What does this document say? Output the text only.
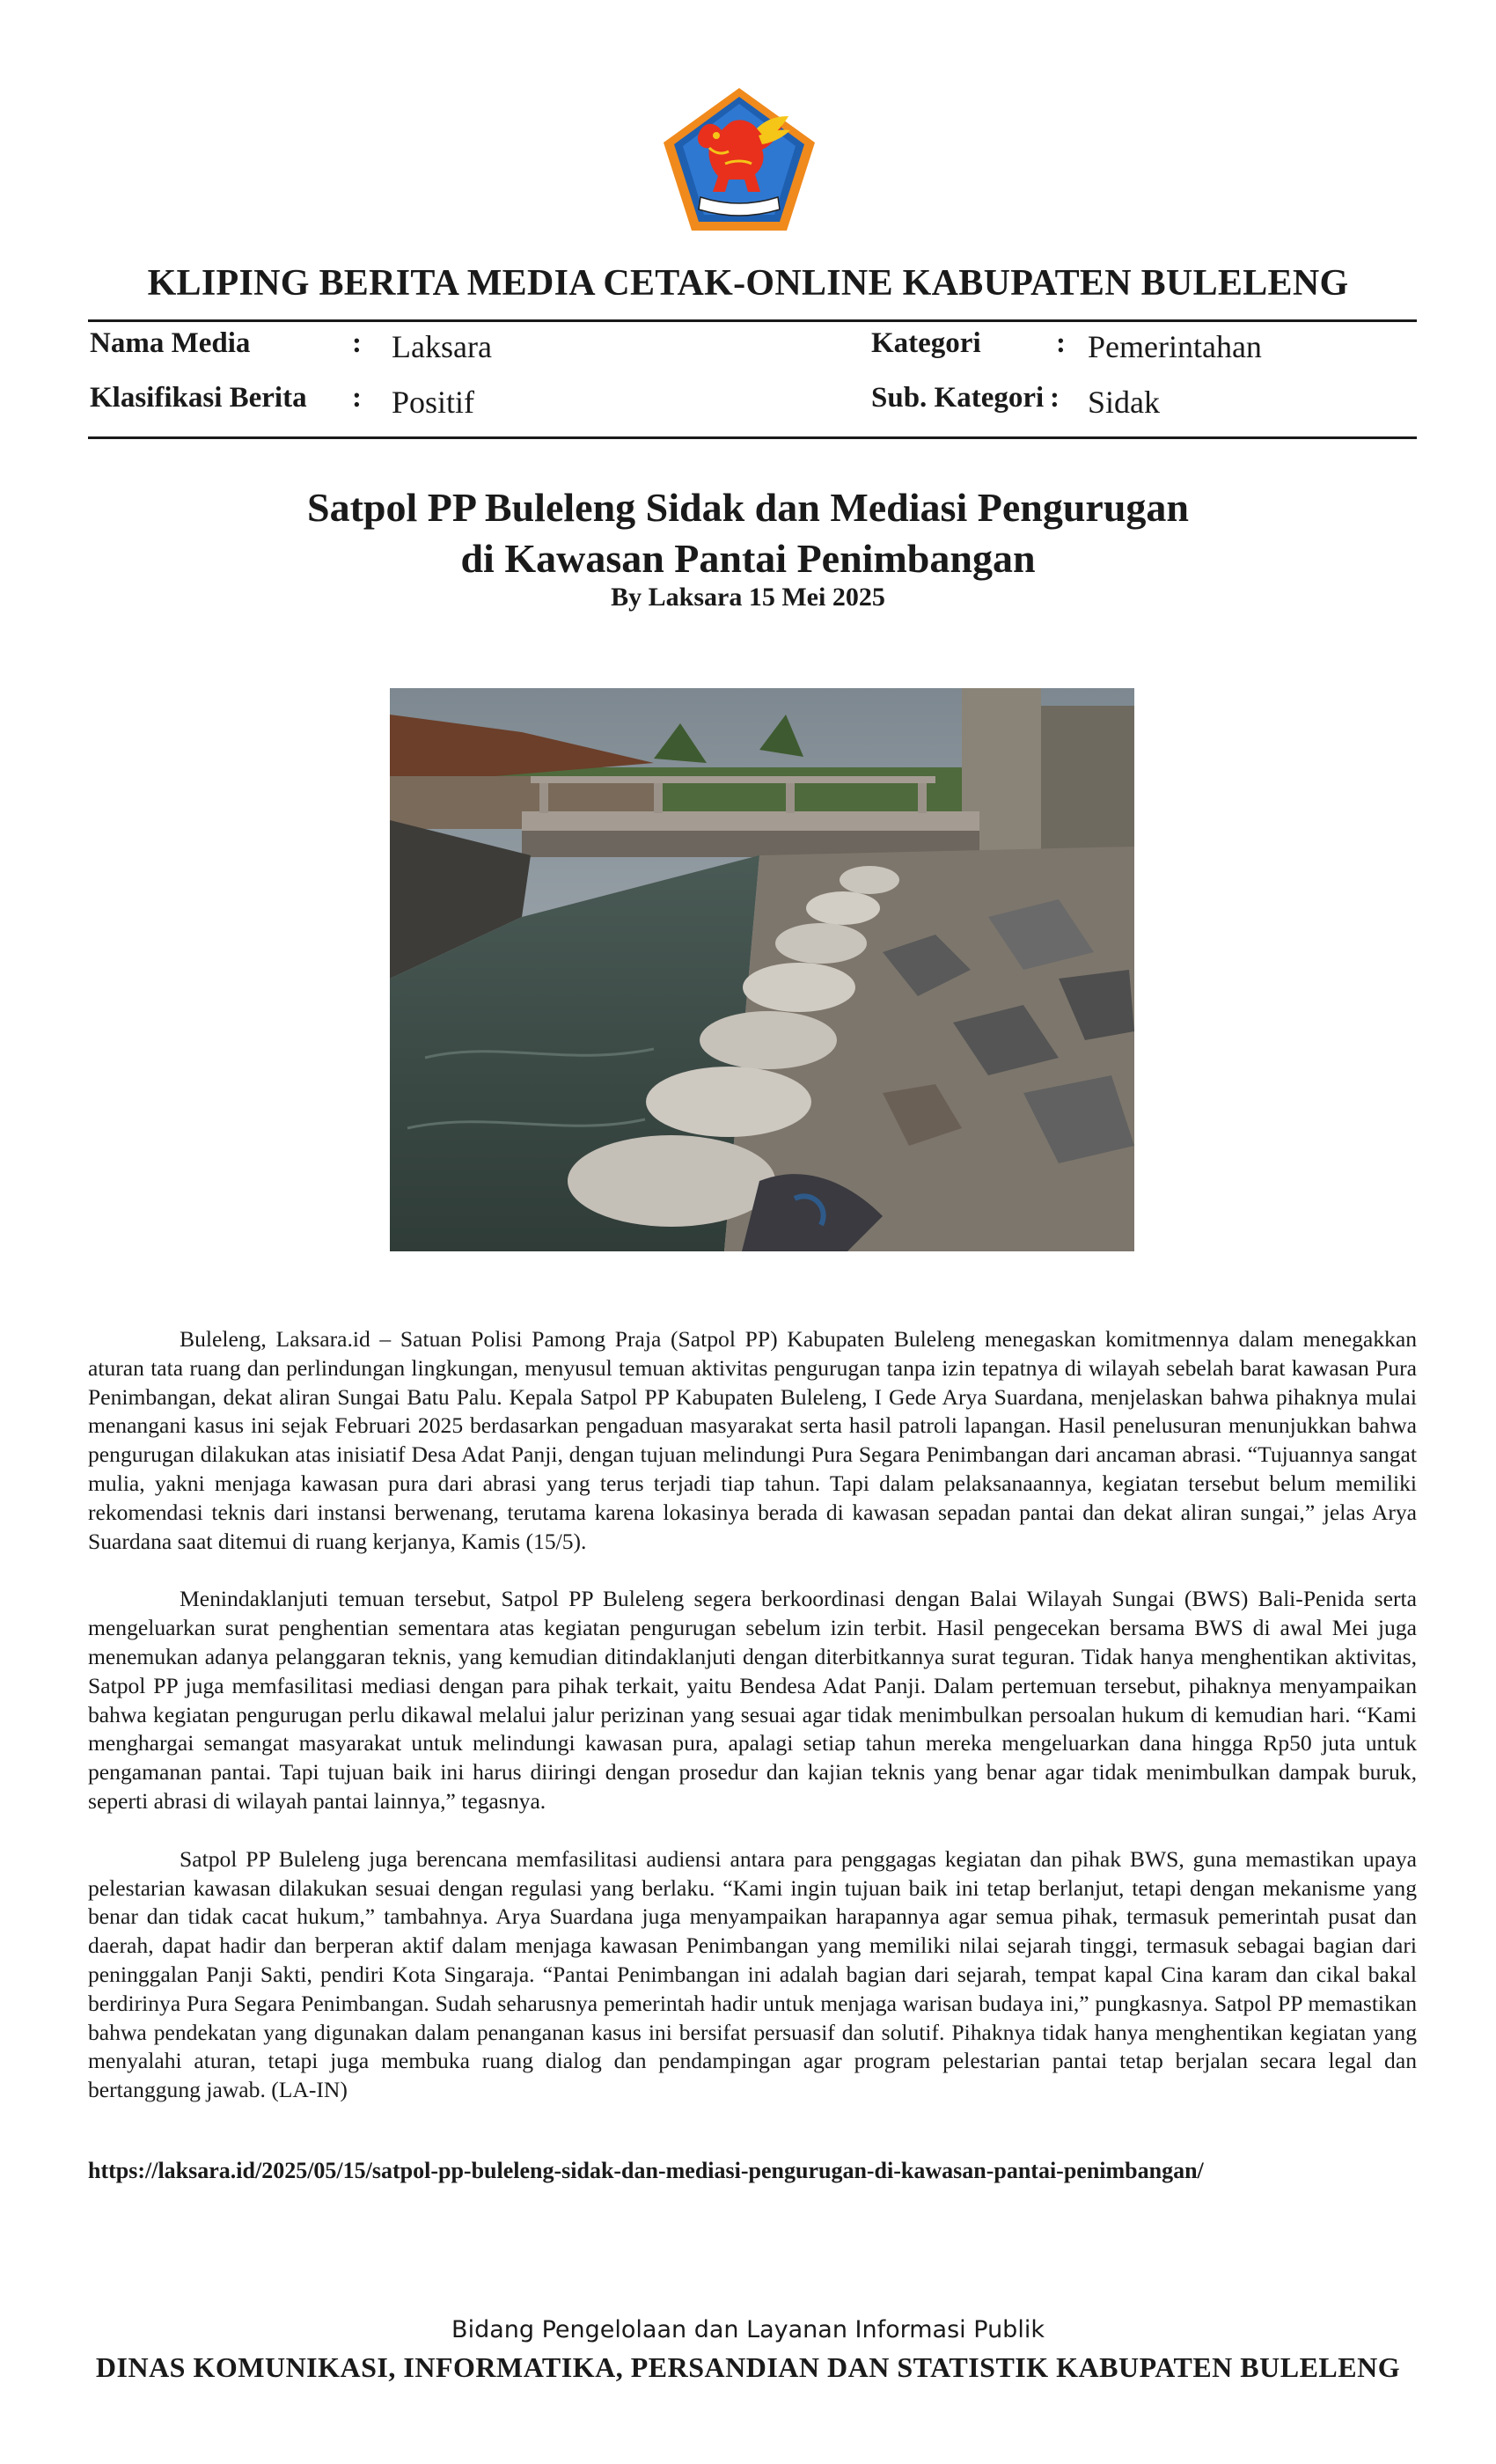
KLIPING BERITA MEDIA CETAK-ONLINE KABUPATEN BULELENG
Nama Media	: Laksara	Kategori	: Pemerintahan
Klasifikasi Berita : Positif	Sub. Kategori : Sidak
Satpol PP Buleleng Sidak dan Mediasi Pengurugan
di Kawasan Pantai Penimbangan
By Laksara 15 Mei 2025

Buleleng, Laksara.id – Satuan Polisi Pamong Praja (Satpol PP) Kabupaten Buleleng menegaskan komitmennya dalam menegakkan aturan tata ruang dan perlindungan lingkungan, menyusul temuan aktivitas pengurugan tanpa izin tepatnya di wilayah sebelah barat kawasan Pura Penimbangan, dekat aliran Sungai Batu Palu. Kepala Satpol PP Kabupaten Buleleng, I Gede Arya Suardana, menjelaskan bahwa pihaknya mulai menangani kasus ini sejak Februari 2025 berdasarkan pengaduan masyarakat serta hasil patroli lapangan. Hasil penelusuran menunjukkan bahwa pengurugan dilakukan atas inisiatif Desa Adat Panji, dengan tujuan melindungi Pura Segara Penimbangan dari ancaman abrasi. “Tujuannya sangat mulia, yakni menjaga kawasan pura dari abrasi yang terus terjadi tiap tahun. Tapi dalam pelaksanaannya, kegiatan tersebut belum memiliki rekomendasi teknis dari instansi berwenang, terutama karena lokasinya berada di kawasan sepadan pantai dan dekat aliran sungai,” jelas Arya Suardana saat ditemui di ruang kerjanya, Kamis (15/5).

Menindaklanjuti temuan tersebut, Satpol PP Buleleng segera berkoordinasi dengan Balai Wilayah Sungai (BWS) Bali-Penida serta mengeluarkan surat penghentian sementara atas kegiatan pengurugan sebelum izin terbit. Hasil pengecekan bersama BWS di awal Mei juga menemukan adanya pelanggaran teknis, yang kemudian ditindaklanjuti dengan diterbitkannya surat teguran. Tidak hanya menghentikan aktivitas, Satpol PP juga memfasilitasi mediasi dengan para pihak terkait, yaitu Bendesa Adat Panji. Dalam pertemuan tersebut, pihaknya menyampaikan bahwa kegiatan pengurugan perlu dikawal melalui jalur perizinan yang sesuai agar tidak menimbulkan persoalan hukum di kemudian hari. “Kami menghargai semangat masyarakat untuk melindungi kawasan pura, apalagi setiap tahun mereka mengeluarkan dana hingga Rp50 juta untuk pengamanan pantai. Tapi tujuan baik ini harus diiringi dengan prosedur dan kajian teknis yang benar agar tidak menimbulkan dampak buruk, seperti abrasi di wilayah pantai lainnya,” tegasnya.

Satpol PP Buleleng juga berencana memfasilitasi audiensi antara para penggagas kegiatan dan pihak BWS, guna memastikan upaya pelestarian kawasan dilakukan sesuai dengan regulasi yang berlaku. “Kami ingin tujuan baik ini tetap berlanjut, tetapi dengan mekanisme yang benar dan tidak cacat hukum,” tambahnya. Arya Suardana juga menyampaikan harapannya agar semua pihak, termasuk pemerintah pusat dan daerah, dapat hadir dan berperan aktif dalam menjaga kawasan Penimbangan yang memiliki nilai sejarah tinggi, termasuk sebagai bagian dari peninggalan Panji Sakti, pendiri Kota Singaraja. “Pantai Penimbangan ini adalah bagian dari sejarah, tempat kapal Cina karam dan cikal bakal berdirinya Pura Segara Penimbangan. Sudah seharusnya pemerintah hadir untuk menjaga warisan budaya ini,” pungkasnya. Satpol PP memastikan bahwa pendekatan yang digunakan dalam penanganan kasus ini bersifat persuasif dan solutif. Pihaknya tidak hanya menghentikan kegiatan yang menyalahi aturan, tetapi juga membuka ruang dialog dan pendampingan agar program pelestarian pantai tetap berjalan secara legal dan bertanggung jawab. (LA-IN)

https://laksara.id/2025/05/15/satpol-pp-buleleng-sidak-dan-mediasi-pengurugan-di-kawasan-pantai-penimbangan/
Bidang Pengelolaan dan Layanan Informasi Publik
DINAS KOMUNIKASI, INFORMATIKA, PERSANDIAN DAN STATISTIK KABUPATEN BULELENG
